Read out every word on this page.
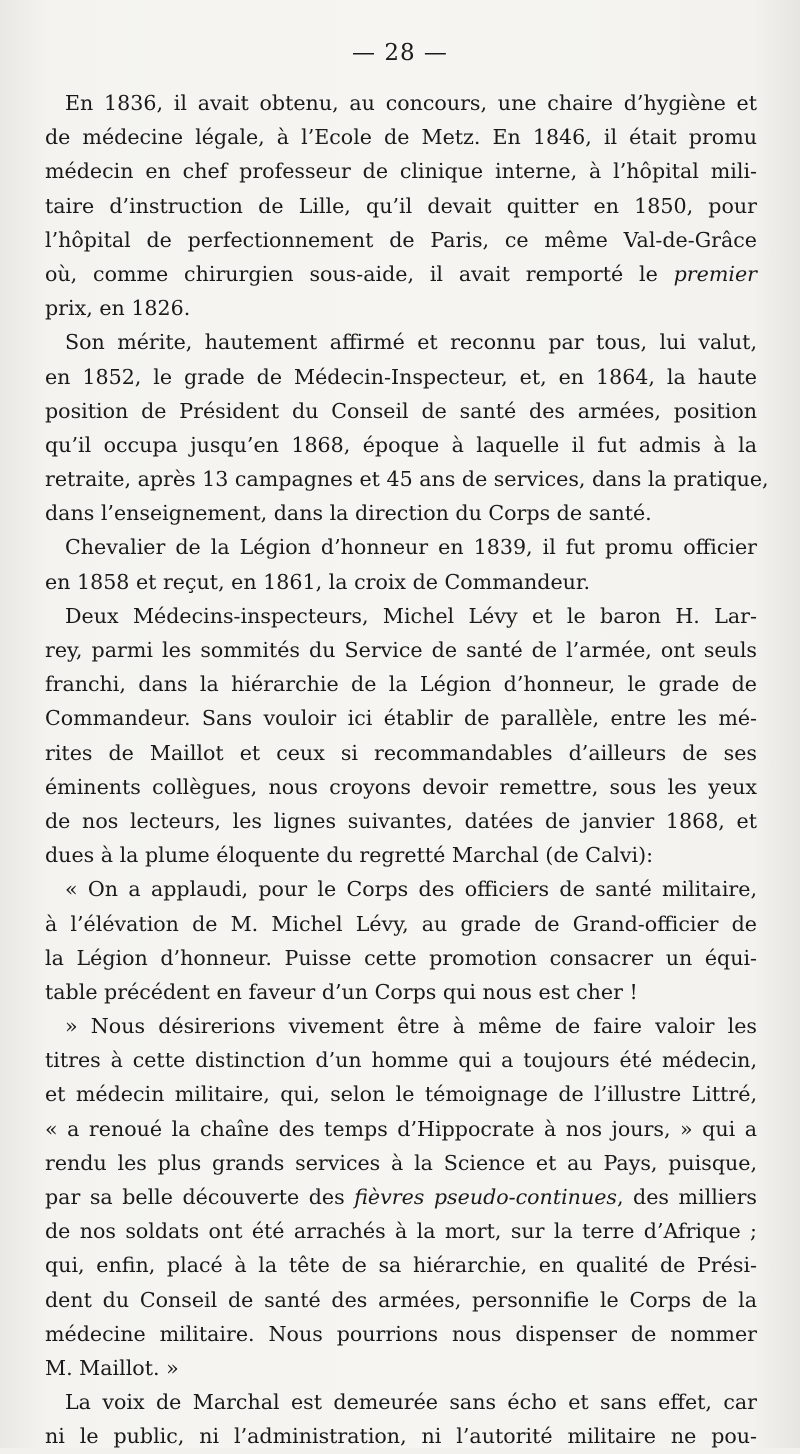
— 28 —
En 1836, il avait obtenu, au concours, une chaire d’hygiène et
de médecine légale, à l’Ecole de Metz. En 1846, il était promu
médecin en chef professeur de clinique interne, à l’hôpital mili-
taire d’instruction de Lille, qu’il devait quitter en 1850, pour
l’hôpital de perfectionnement de Paris, ce même Val-de-Grâce
où, comme chirurgien sous-aide, il avait remporté le premier
prix, en 1826.
Son mérite, hautement affirmé et reconnu par tous, lui valut,
en 1852, le grade de Médecin-Inspecteur, et, en 1864, la haute
position de Président du Conseil de santé des armées, position
qu’il occupa jusqu’en 1868, époque à laquelle il fut admis à la
retraite, après 13 campagnes et 45 ans de services, dans la pratique,
dans l’enseignement, dans la direction du Corps de santé.
Chevalier de la Légion d’honneur en 1839, il fut promu officier
en 1858 et reçut, en 1861, la croix de Commandeur.
Deux Médecins-inspecteurs, Michel Lévy et le baron H. Lar-
rey, parmi les sommités du Service de santé de l’armée, ont seuls
franchi, dans la hiérarchie de la Légion d’honneur, le grade de
Commandeur. Sans vouloir ici établir de parallèle, entre les mé-
rites de Maillot et ceux si recommandables d’ailleurs de ses
éminents collègues, nous croyons devoir remettre, sous les yeux
de nos lecteurs, les lignes suivantes, datées de janvier 1868, et
dues à la plume éloquente du regretté Marchal (de Calvi):
« On a applaudi, pour le Corps des officiers de santé militaire,
à l’élévation de M. Michel Lévy, au grade de Grand-officier de
la Légion d’honneur. Puisse cette promotion consacrer un équi-
table précédent en faveur d’un Corps qui nous est cher !
» Nous désirerions vivement être à même de faire valoir les
titres à cette distinction d’un homme qui a toujours été médecin,
et médecin militaire, qui, selon le témoignage de l’illustre Littré,
« a renoué la chaîne des temps d’Hippocrate à nos jours, » qui a
rendu les plus grands services à la Science et au Pays, puisque,
par sa belle découverte des fièvres pseudo-continues, des milliers
de nos soldats ont été arrachés à la mort, sur la terre d’Afrique ;
qui, enfin, placé à la tête de sa hiérarchie, en qualité de Prési-
dent du Conseil de santé des armées, personnifie le Corps de la
médecine militaire. Nous pourrions nous dispenser de nommer
M. Maillot. »
La voix de Marchal est demeurée sans écho et sans effet, car
ni le public, ni l’administration, ni l’autorité militaire ne pou-
